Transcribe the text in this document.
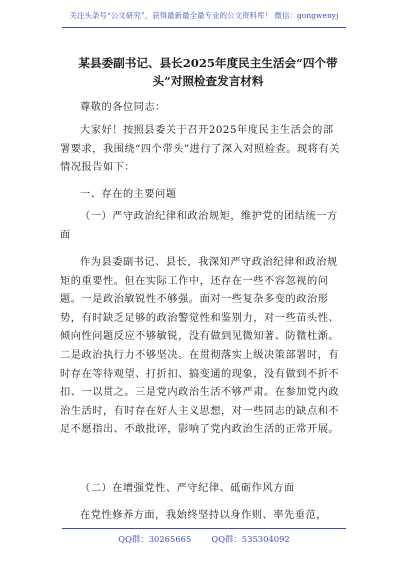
关注头条号“公文研究”，获得最新最全最专业的公文资料库！ 微信：gongwenyj
某县委副书记、县长2025年度民主生活会“四个带头”对照检查发言材料
尊敬的各位同志：
大家好！按照县委关于召开2025年度民主生活会的部署要求，我围绕“四个带头”进行了深入对照检查。现将有关情况报告如下：
一、存在的主要问题
（一）严守政治纪律和政治规矩，维护党的团结统一方面
作为县委副书记、县长，我深知严守政治纪律和政治规矩的重要性。但在实际工作中，还存在一些不容忽视的问题。一是政治敏锐性不够强。面对一些复杂多变的政治形势，有时缺乏足够的政治警觉性和鉴别力，对一些苗头性、倾向性问题反应不够敏锐，没有做到见微知著、防微杜渐。二是政治执行力不够坚决。在贯彻落实上级决策部署时，有时存在等待观望、打折扣、搞变通的现象，没有做到不折不扣、一以贯之。三是党内政治生活不够严肃。在参加党内政治生活时，有时存在好人主义思想，对一些同志的缺点和不足不愿指出、不敢批评，影响了党内政治生活的正常开展。
（二）在增强党性、严守纪律、砥砺作风方面
在党性修养方面，我始终坚持以身作则、率先垂范，
QQ群：30265665 QQ群：535304092
